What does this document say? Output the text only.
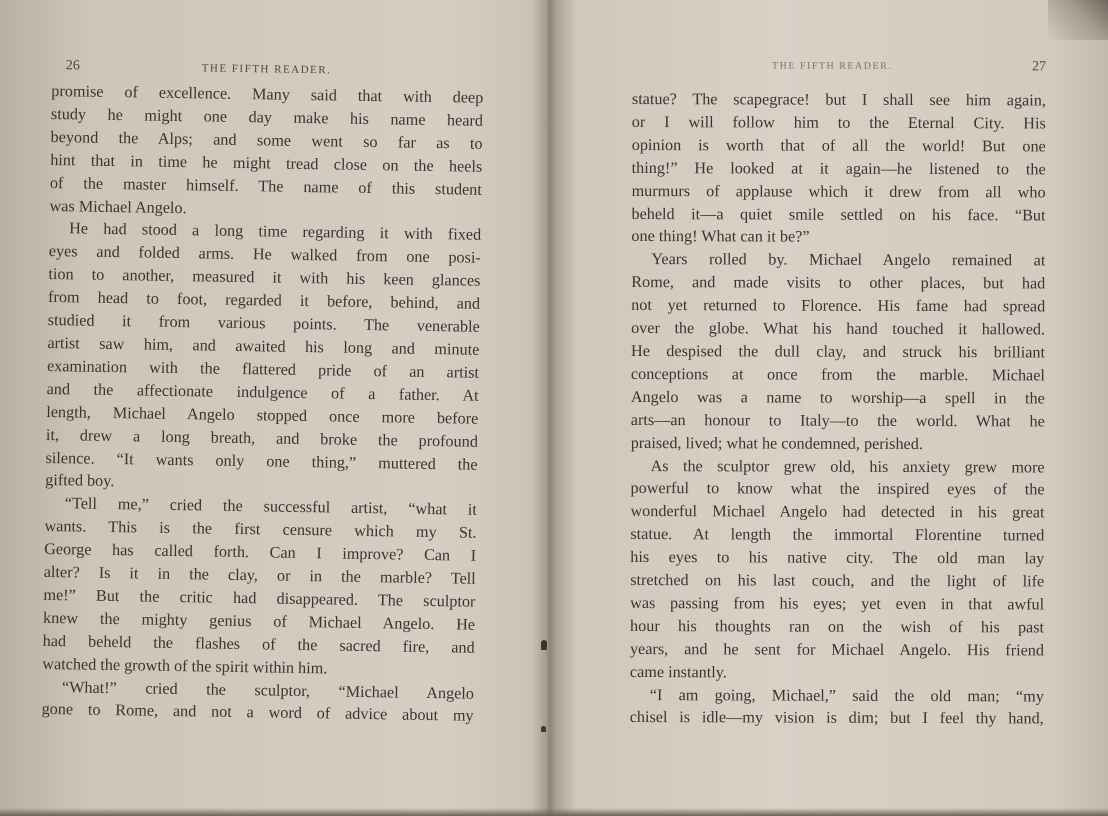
26	THE FIFTH READER.
promise of excellence. Many said that with deep
study he might one day make his name heard
beyond the Alps; and some went so far as to
hint that in time he might tread close on the heels
of the master himself. The name of this student
was Michael Angelo.
He had stood a long time regarding it with fixed
eyes and folded arms. He walked from one posi-
tion to another, measured it with his keen glances
from head to foot, regarded it before, behind, and
studied it from various points. The venerable
artist saw him, and awaited his long and minute
examination with the flattered pride of an artist
and the affectionate indulgence of a father. At
length, Michael Angelo stopped once more before
it, drew a long breath, and broke the profound
silence. “It wants only one thing,” muttered the
gifted boy.
“Tell me,” cried the successful artist, “what it
wants. This is the first censure which my St.
George has called forth. Can I improve? Can I
alter? Is it in the clay, or in the marble? Tell
me!” But the critic had disappeared. The sculptor
knew the mighty genius of Michael Angelo. He
had beheld the flashes of the sacred fire, and
watched the growth of the spirit within him.
“What!” cried the sculptor, “Michael Angelo
gone to Rome, and not a word of advice about my
THE FIFTH READER.	27
statue? The scapegrace! but I shall see him again,
or I will follow him to the Eternal City. His
opinion is worth that of all the world! But one
thing!” He looked at it again—he listened to the
murmurs of applause which it drew from all who
beheld it—a quiet smile settled on his face. “But
one thing! What can it be?”
Years rolled by. Michael Angelo remained at
Rome, and made visits to other places, but had
not yet returned to Florence. His fame had spread
over the globe. What his hand touched it hallowed.
He despised the dull clay, and struck his brilliant
conceptions at once from the marble. Michael
Angelo was a name to worship—a spell in the
arts—an honour to Italy—to the world. What he
praised, lived; what he condemned, perished.
As the sculptor grew old, his anxiety grew more
powerful to know what the inspired eyes of the
wonderful Michael Angelo had detected in his great
statue. At length the immortal Florentine turned
his eyes to his native city. The old man lay
stretched on his last couch, and the light of life
was passing from his eyes; yet even in that awful
hour his thoughts ran on the wish of his past
years, and he sent for Michael Angelo. His friend
came instantly.
“I am going, Michael,” said the old man; “my
chisel is idle—my vision is dim; but I feel thy hand,
